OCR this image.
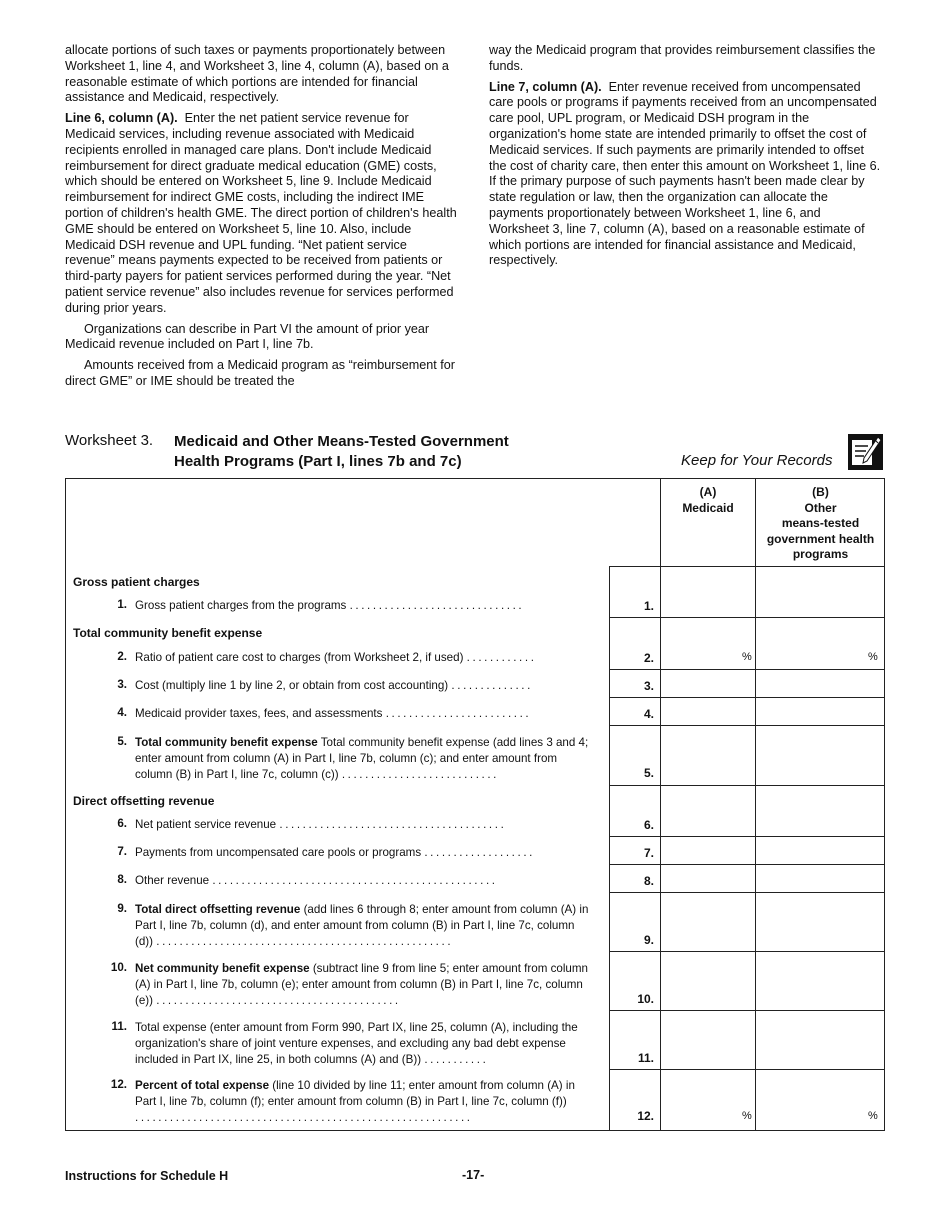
allocate portions of such taxes or payments proportionately between Worksheet 1, line 4, and Worksheet 3, line 4, column (A), based on a reasonable estimate of which portions are intended for financial assistance and Medicaid, respectively.

Line 6, column (A). Enter the net patient service revenue for Medicaid services, including revenue associated with Medicaid recipients enrolled in managed care plans. Don't include Medicaid reimbursement for direct graduate medical education (GME) costs, which should be entered on Worksheet 5, line 9. Include Medicaid reimbursement for indirect GME costs, including the indirect IME portion of children's health GME. The direct portion of children's health GME should be entered on Worksheet 5, line 10. Also, include Medicaid DSH revenue and UPL funding. “Net patient service revenue” means payments expected to be received from patients or third-party payers for patient services performed during the year. “Net patient service revenue” also includes revenue for services performed during prior years.

Organizations can describe in Part VI the amount of prior year Medicaid revenue included on Part I, line 7b.

Amounts received from a Medicaid program as “reimbursement for direct GME” or IME should be treated the

way the Medicaid program that provides reimbursement classifies the funds.

Line 7, column (A). Enter revenue received from uncompensated care pools or programs if payments received from an uncompensated care pool, UPL program, or Medicaid DSH program in the organization's home state are intended primarily to offset the cost of Medicaid services. If such payments are primarily intended to offset the cost of charity care, then enter this amount on Worksheet 1, line 6. If the primary purpose of such payments hasn't been made clear by state regulation or law, then the organization can allocate the payments proportionately between Worksheet 1, line 6, and Worksheet 3, line 7, column (A), based on a reasonable estimate of which portions are intended for financial assistance and Medicaid, respectively.

Worksheet 3. Medicaid and Other Means-Tested Government
Health Programs (Part I, lines 7b and 7c)	Keep for Your Records
(A)
Medicaid
(B)
Other
means-tested
government health
programs
Gross patient charges
Total community benefit expense
Direct offsetting revenue
1. Gross patient charges from the programs ..............................	1.
2. Ratio of patient care cost to charges (from Worksheet 2, if used) ............	2.	%	%
3. Cost (multiply line 1 by line 2, or obtain from cost accounting) ..............	3.
4. Medicaid provider taxes, fees, and assessments .........................	4.
5. Total community benefit expense Total community benefit expense (add lines 3 and 4; enter amount from column (A) in Part I, line 7b, column (c); and enter amount from column (B) in Part I, line 7c, column (c)) ...........................	5.
6. Net patient service revenue .......................................	6.
7. Payments from uncompensated care pools or programs ...................	7.
8. Other revenue .................................................	8.
9. Total direct offsetting revenue (add lines 6 through 8; enter amount from column (A) in Part I, line 7b, column (d), and enter amount from column (B) in Part I, line 7c, column (d)) ...................................................	9.
10. Net community benefit expense (subtract line 9 from line 5; enter amount from column (A) in Part I, line 7b, column (e); enter amount from column (B) in Part I, line 7c, column (e)) ..........................................	10.
11. Total expense (enter amount from Form 990, Part IX, line 25, column (A), including the organization's share of joint venture expenses, and excluding any bad debt expense included in Part IX, line 25, in both columns (A) and (B)) ...........	11.
12. Percent of total expense (line 10 divided by line 11; enter amount from column (A) in Part I, line 7b, column (f); enter amount from column (B) in Part I, line 7c, column (f)) ..........................................................	12.	%	%
Instructions for Schedule H	-17-
